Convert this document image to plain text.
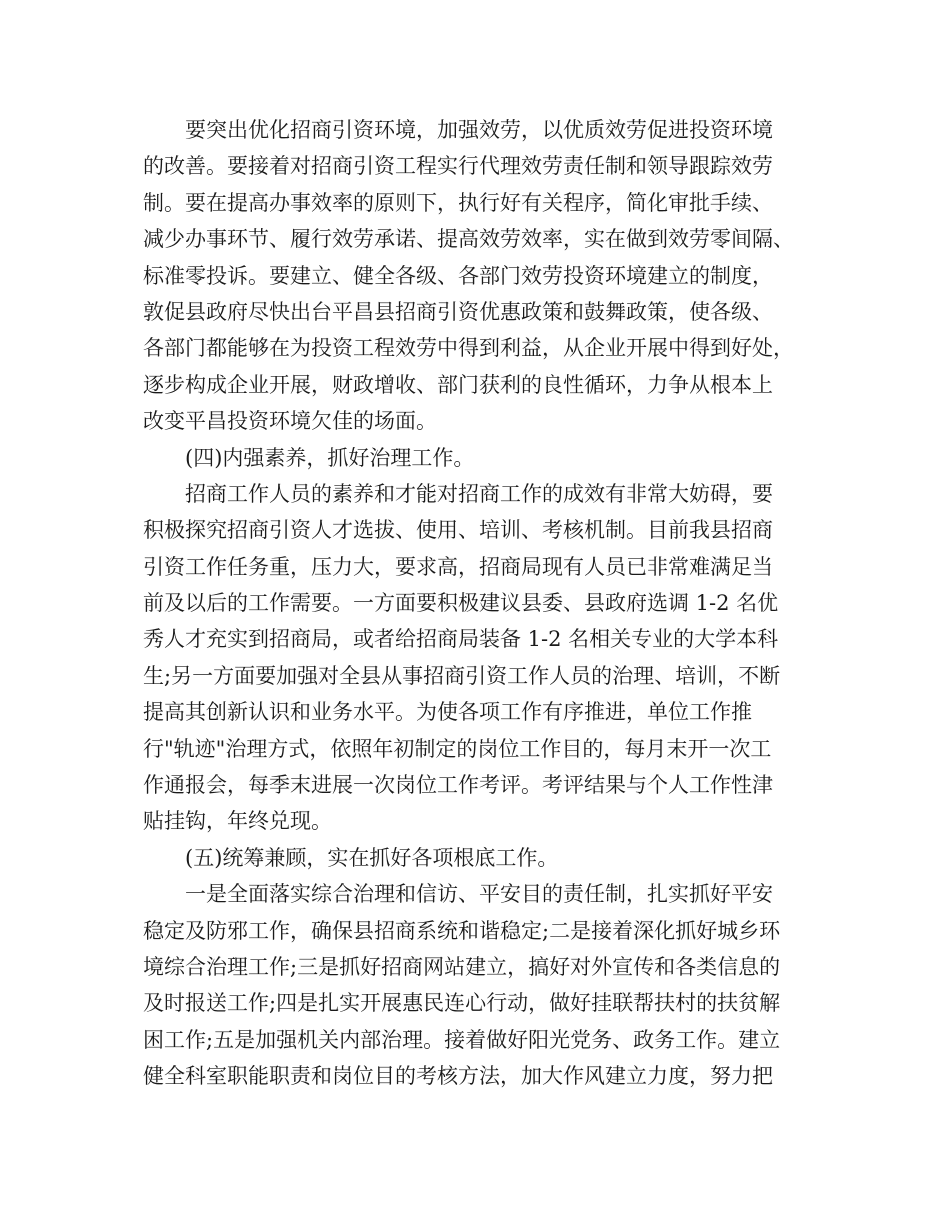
要突出优化招商引资环境，加强效劳，以优质效劳促进投资环境
的改善。要接着对招商引资工程实行代理效劳责任制和领导跟踪效劳
制。要在提高办事效率的原则下，执行好有关程序，简化审批手续、
减少办事环节、履行效劳承诺、提高效劳效率，实在做到效劳零间隔、
标准零投诉。要建立、健全各级、各部门效劳投资环境建立的制度，
敦促县政府尽快出台平昌县招商引资优惠政策和鼓舞政策，使各级、
各部门都能够在为投资工程效劳中得到利益，从企业开展中得到好处，
逐步构成企业开展，财政增收、部门获利的良性循环，力争从根本上
改变平昌投资环境欠佳的场面。
(四)内强素养，抓好治理工作。
招商工作人员的素养和才能对招商工作的成效有非常大妨碍，要
积极探究招商引资人才选拔、使用、培训、考核机制。目前我县招商
引资工作任务重，压力大，要求高，招商局现有人员已非常难满足当
前及以后的工作需要。一方面要积极建议县委、县政府选调 1-2 名优
秀人才充实到招商局，或者给招商局装备 1-2 名相关专业的大学本科
生;另一方面要加强对全县从事招商引资工作人员的治理、培训，不断
提高其创新认识和业务水平。为使各项工作有序推进，单位工作推
行"轨迹"治理方式，依照年初制定的岗位工作目的，每月末开一次工
作通报会，每季末进展一次岗位工作考评。考评结果与个人工作性津
贴挂钩，年终兑现。
(五)统筹兼顾，实在抓好各项根底工作。
一是全面落实综合治理和信访、平安目的责任制，扎实抓好平安
稳定及防邪工作，确保县招商系统和谐稳定;二是接着深化抓好城乡环
境综合治理工作;三是抓好招商网站建立，搞好对外宣传和各类信息的
及时报送工作;四是扎实开展惠民连心行动，做好挂联帮扶村的扶贫解
困工作;五是加强机关内部治理。接着做好阳光党务、政务工作。建立
健全科室职能职责和岗位目的考核方法，加大作风建立力度，努力把
